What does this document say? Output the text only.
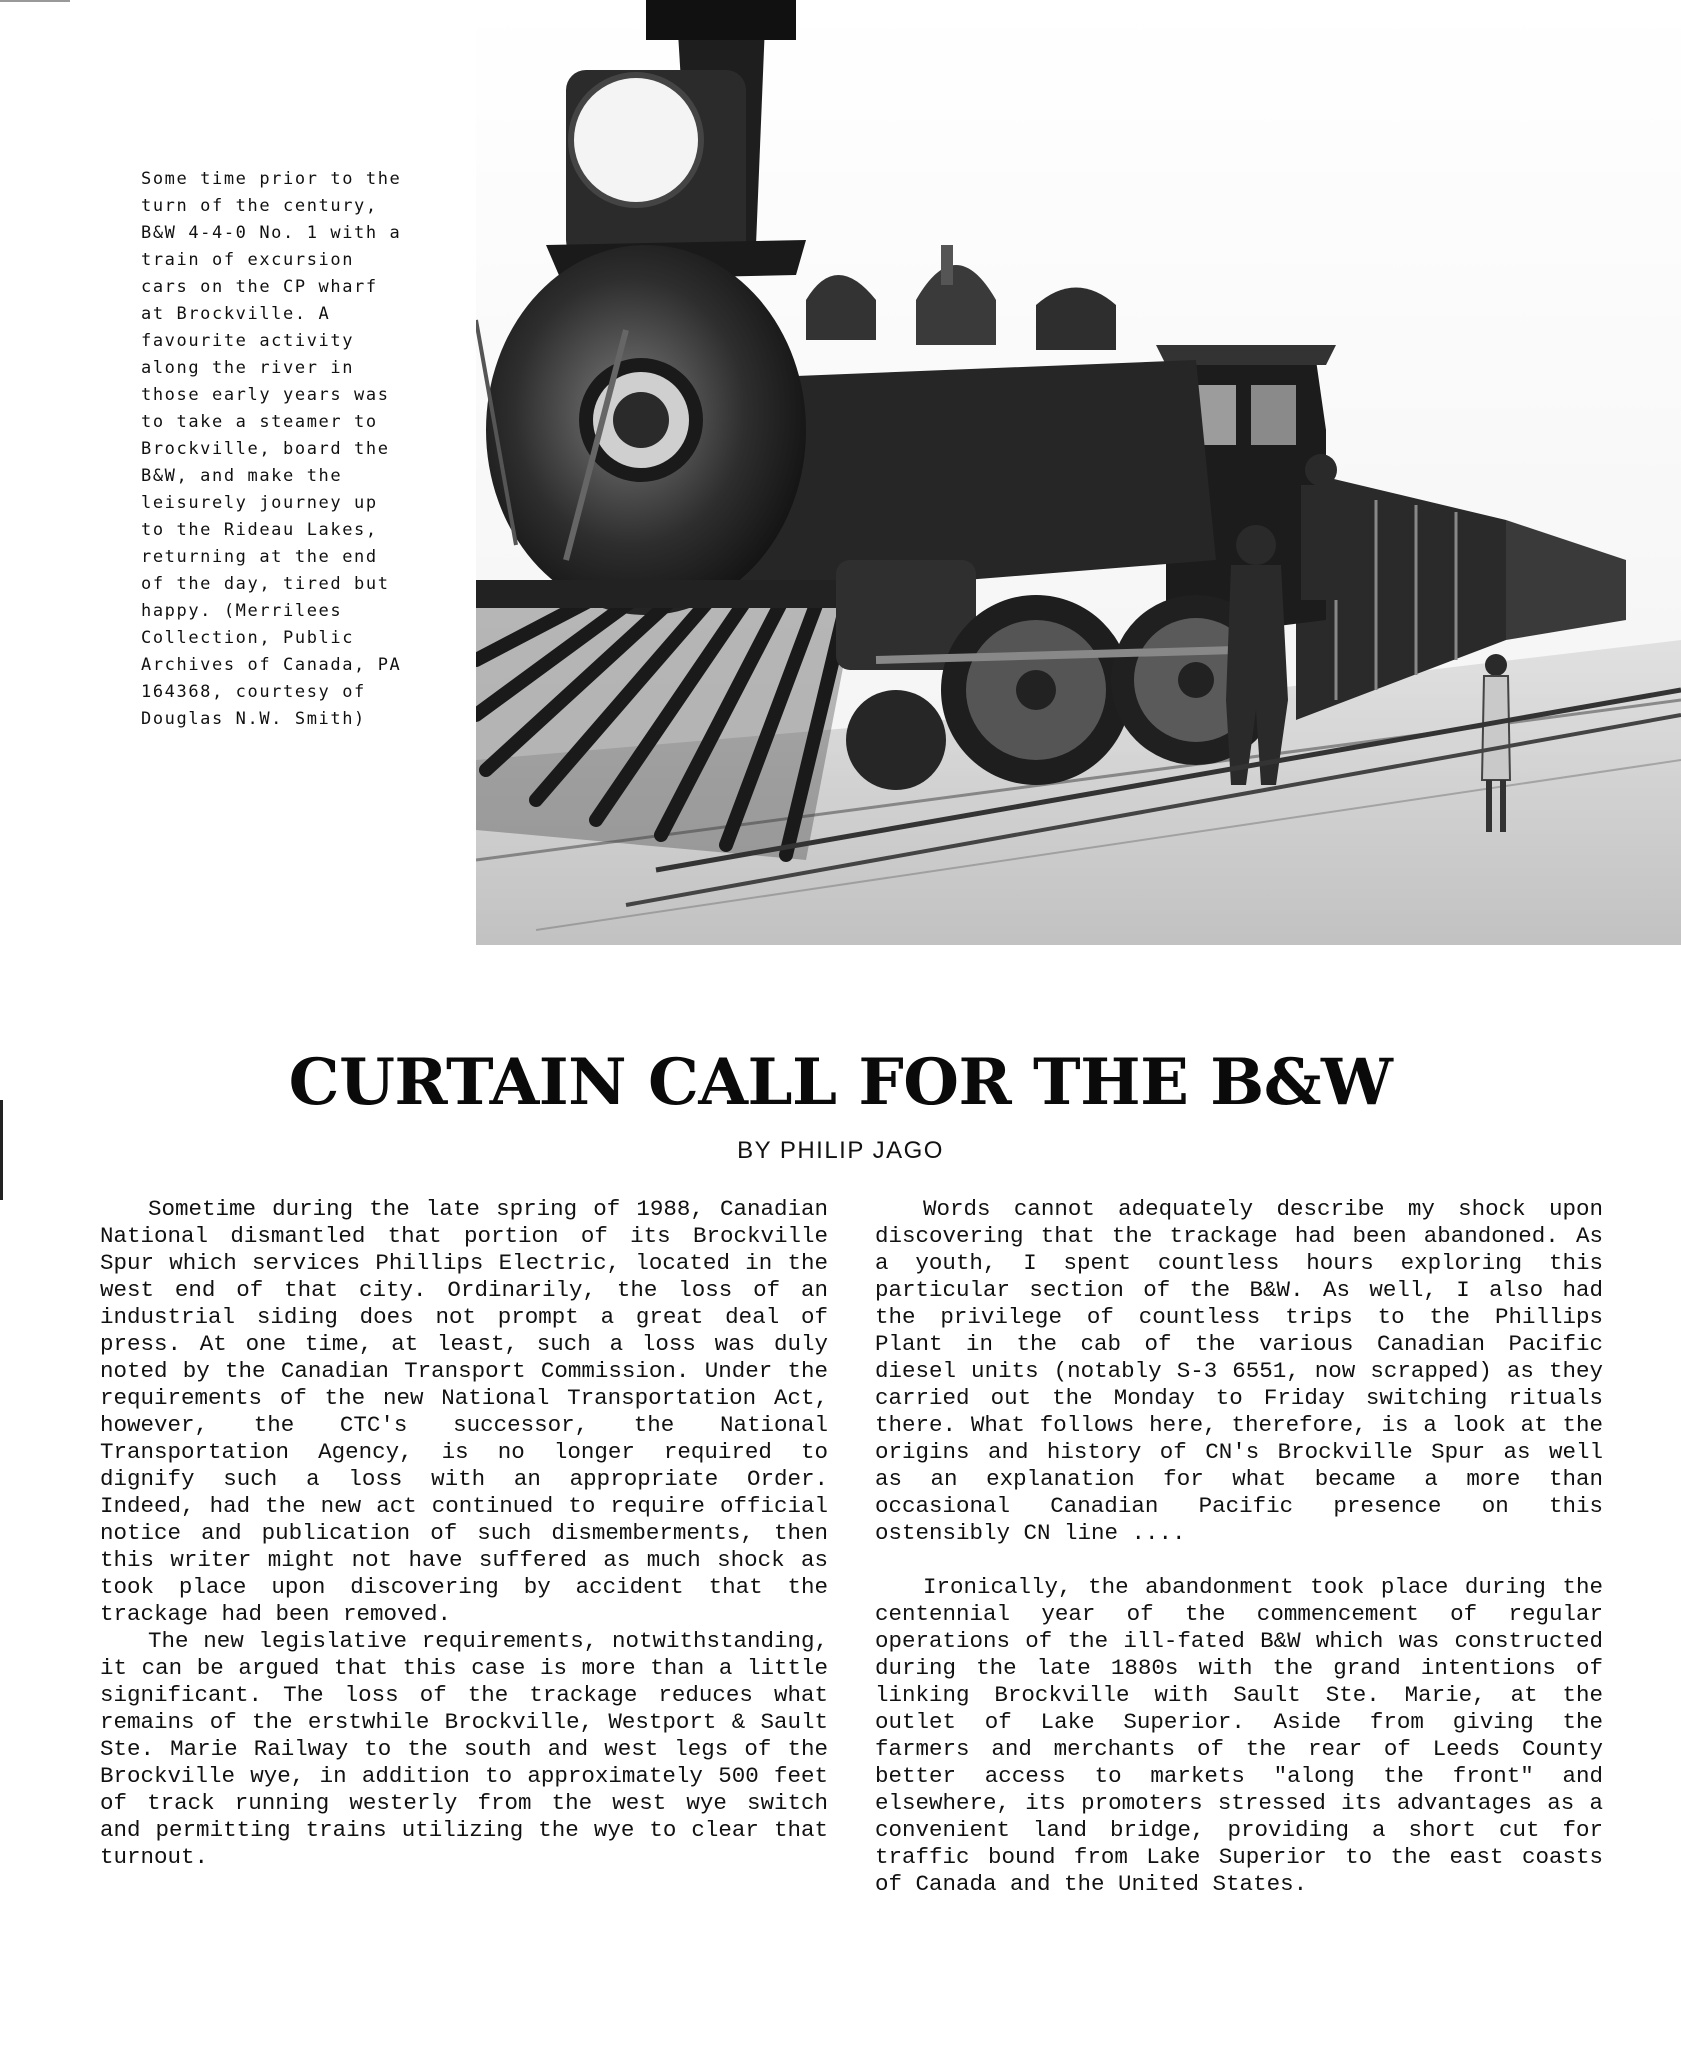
Some time prior to the
turn of the century,
B&W 4-4-0 No. 1 with a
train of excursion
cars on the CP wharf
at Brockville. A
favourite activity
along the river in
those early years was
to take a steamer to
Brockville, board the
B&W, and make the
leisurely journey up
to the Rideau Lakes,
returning at the end
of the day, tired but
happy. (Merrilees
Collection, Public
Archives of Canada, PA
164368, courtesy of
Douglas N.W. Smith)
CURTAIN CALL FOR THE B&W
BY PHILIP JAGO

Sometime during the late spring of 1988, Canadian National dismantled that portion of its Brockville Spur which services Phillips Electric, located in the west end of that city. Ordinarily, the loss of an industrial siding does not prompt a great deal of press. At one time, at least, such a loss was duly noted by the Canadian Transport Commission. Under the requirements of the new National Transportation Act, however, the CTC's successor, the National Transportation Agency, is no longer required to dignify such a loss with an appropriate Order. Indeed, had the new act continued to require official notice and publication of such dismemberments, then this writer might not have suffered as much shock as took place upon discovering by accident that the trackage had been removed.

The new legislative requirements, notwithstanding, it can be argued that this case is more than a little significant. The loss of the trackage reduces what remains of the erstwhile Brockville, Westport & Sault Ste. Marie Railway to the south and west legs of the Brockville wye, in addition to approximately 500 feet of track running westerly from the west wye switch and permitting trains utilizing the wye to clear that turnout.

Words cannot adequately describe my shock upon discovering that the trackage had been abandoned. As a youth, I spent countless hours exploring this particular section of the B&W. As well, I also had the privilege of countless trips to the Phillips Plant in the cab of the various Canadian Pacific diesel units (notably S-3 6551, now scrapped) as they carried out the Monday to Friday switching rituals there. What follows here, therefore, is a look at the origins and history of CN's Brockville Spur as well as an explanation for what became a more than occasional Canadian Pacific presence on this ostensibly CN line ....

Ironically, the abandonment took place during the centennial year of the commencement of regular operations of the ill-fated B&W which was constructed during the late 1880s with the grand intentions of linking Brockville with Sault Ste. Marie, at the outlet of Lake Superior. Aside from giving the farmers and merchants of the rear of Leeds County better access to markets "along the front" and elsewhere, its promoters stressed its advantages as a convenient land bridge, providing a short cut for traffic bound from Lake Superior to the east coasts of Canada and the United States.
